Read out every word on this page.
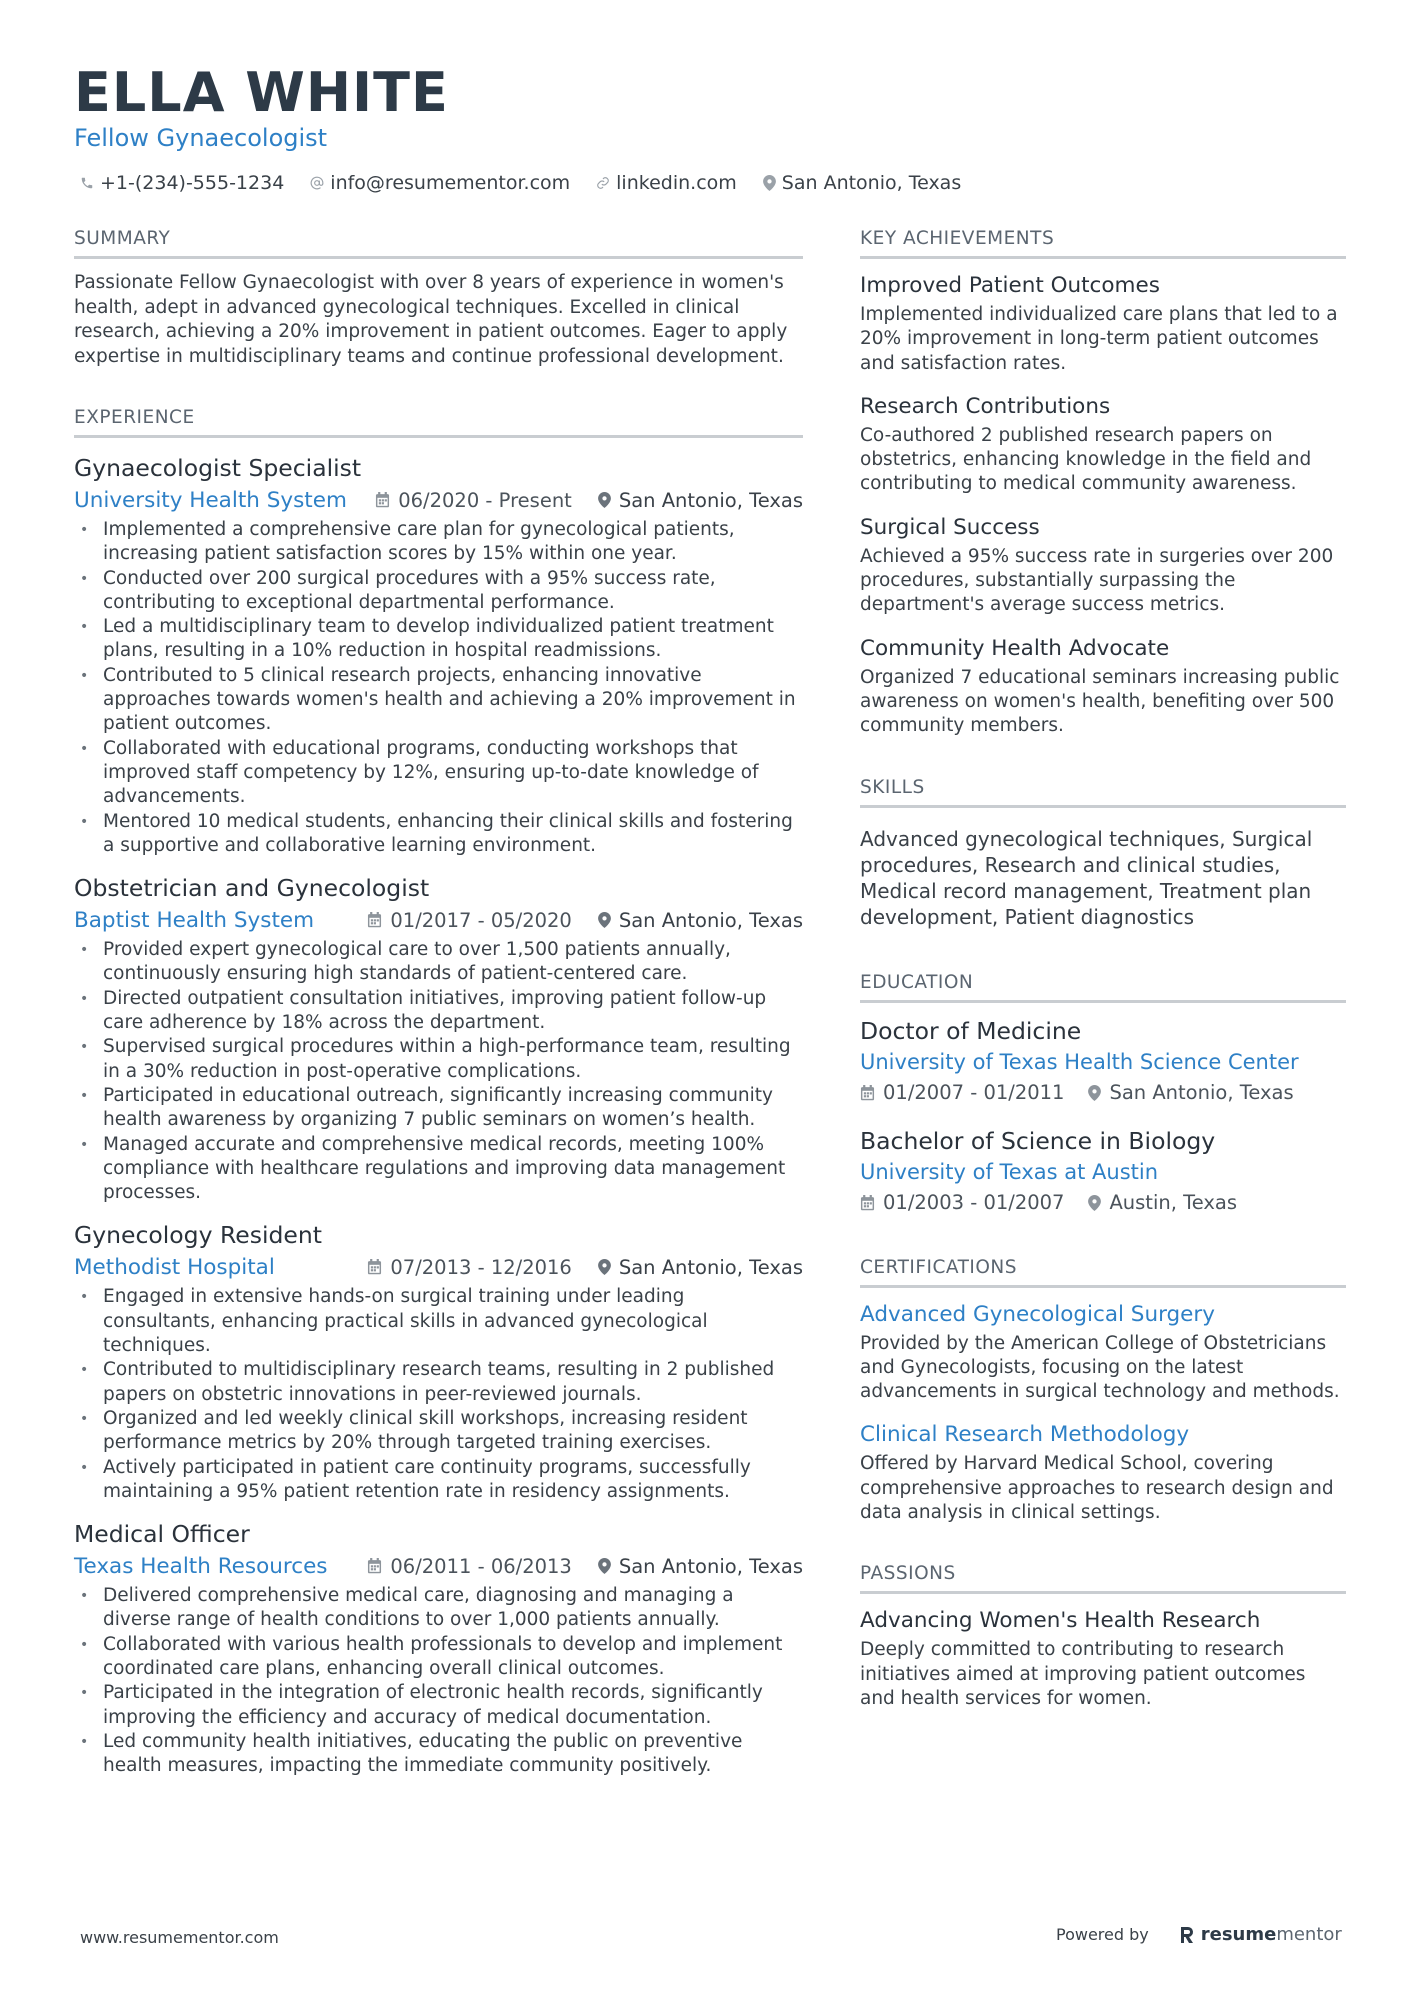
ELLA WHITE
Fellow Gynaecologist
+1-(234)-555-1234 info@resumementor.com linkedin.com San Antonio, Texas
SUMMARY
Passionate Fellow Gynaecologist with over 8 years of experience in women's health, adept in advanced gynecological techniques. Excelled in clinical research, achieving a 20% improvement in patient outcomes. Eager to apply expertise in multidisciplinary teams and continue professional development.
EXPERIENCE
Gynaecologist Specialist
University Health System	06/2020 - Present San Antonio, Texas
• Implemented a comprehensive care plan for gynecological patients, increasing patient satisfaction scores by 15% within one year.
• Conducted over 200 surgical procedures with a 95% success rate, contributing to exceptional departmental performance.
• Led a multidisciplinary team to develop individualized patient treatment plans, resulting in a 10% reduction in hospital readmissions.
• Contributed to 5 clinical research projects, enhancing innovative approaches towards women's health and achieving a 20% improvement in patient outcomes.
• Collaborated with educational programs, conducting workshops that improved staff competency by 12%, ensuring up-to-date knowledge of advancements.
• Mentored 10 medical students, enhancing their clinical skills and fostering a supportive and collaborative learning environment.
Obstetrician and Gynecologist
Baptist Health System	01/2017 - 05/2020 San Antonio, Texas
• Provided expert gynecological care to over 1,500 patients annually, continuously ensuring high standards of patient-centered care.
• Directed outpatient consultation initiatives, improving patient follow-up care adherence by 18% across the department.
• Supervised surgical procedures within a high-performance team, resulting in a 30% reduction in post-operative complications.
• Participated in educational outreach, significantly increasing community health awareness by organizing 7 public seminars on women’s health.
• Managed accurate and comprehensive medical records, meeting 100% compliance with healthcare regulations and improving data management processes.
Gynecology Resident
Methodist Hospital	07/2013 - 12/2016 San Antonio, Texas
• Engaged in extensive hands-on surgical training under leading consultants, enhancing practical skills in advanced gynecological techniques.
• Contributed to multidisciplinary research teams, resulting in 2 published papers on obstetric innovations in peer-reviewed journals.
• Organized and led weekly clinical skill workshops, increasing resident performance metrics by 20% through targeted training exercises.
• Actively participated in patient care continuity programs, successfully maintaining a 95% patient retention rate in residency assignments.
Medical Officer
Texas Health Resources	06/2011 - 06/2013 San Antonio, Texas
• Delivered comprehensive medical care, diagnosing and managing a diverse range of health conditions to over 1,000 patients annually.
• Collaborated with various health professionals to develop and implement coordinated care plans, enhancing overall clinical outcomes.
• Participated in the integration of electronic health records, significantly improving the efficiency and accuracy of medical documentation.
• Led community health initiatives, educating the public on preventive health measures, impacting the immediate community positively.
KEY ACHIEVEMENTS
Improved Patient Outcomes
Implemented individualized care plans that led to a 20% improvement in long-term patient outcomes and satisfaction rates.
Research Contributions
Co-authored 2 published research papers on obstetrics, enhancing knowledge in the field and contributing to medical community awareness.
Surgical Success
Achieved a 95% success rate in surgeries over 200 procedures, substantially surpassing the department's average success metrics.
Community Health Advocate
Organized 7 educational seminars increasing public awareness on women's health, benefiting over 500 community members.
SKILLS
Advanced gynecological techniques, Surgical procedures, Research and clinical studies, Medical record management, Treatment plan development, Patient diagnostics
EDUCATION
Doctor of Medicine
University of Texas Health Science Center
01/2007 - 01/2011 San Antonio, Texas
Bachelor of Science in Biology
University of Texas at Austin
01/2003 - 01/2007 Austin, Texas
CERTIFICATIONS
Advanced Gynecological Surgery
Provided by the American College of Obstetricians and Gynecologists, focusing on the latest advancements in surgical technology and methods.
Clinical Research Methodology
Offered by Harvard Medical School, covering comprehensive approaches to research design and data analysis in clinical settings.
PASSIONS
Advancing Women's Health Research
Deeply committed to contributing to research initiatives aimed at improving patient outcomes and health services for women.
www.resumementor.com	Powered by	resume mentor
